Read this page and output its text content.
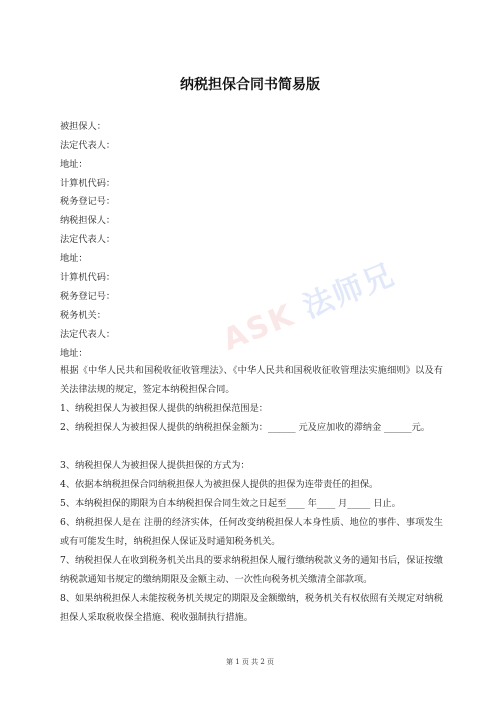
ASK 法师兄
纳税担保合同书简易版
被担保人：
法定代表人：
地址：
计算机代码：
税务登记号：
纳税担保人：
法定代表人：
地址：
计算机代码：
税务登记号：
税务机关：
法定代表人：
地址：
根据《中华人民共和国税收征收管理法》、《中华人民共和国税收征收管理法实施细则》以及有关法律法规的规定，签定本纳税担保合同。
1、纳税担保人为被担保人提供的纳税担保范围是：
2、纳税担保人为被担保人提供的纳税担保金额为：______ 元及应加收的滞纳金 ______元。
3、纳税担保人为被担保人提供担保的方式为：
4、依据本纳税担保合同纳税担保人为被担保人提供的担保为连带责任的担保。
5、本纳税担保的期限为自本纳税担保合同生效之日起至____ 年____ 月_____ 日止。
6、纳税担保人是在 注册的经济实体，任何改变纳税担保人本身性质、地位的事件、事项发生或有可能发生时，纳税担保人保证及时通知税务机关。
7、纳税担保人在收到税务机关出具的要求纳税担保人履行缴纳税款义务的通知书后，保证按缴纳税款通知书规定的缴纳期限及金额主动、一次性向税务机关缴清全部款项。
8、如果纳税担保人未能按税务机关规定的期限及金额缴纳，税务机关有权依照有关规定对纳税担保人采取税收保全措施、税收强制执行措施。
第 1 页 共 2 页
